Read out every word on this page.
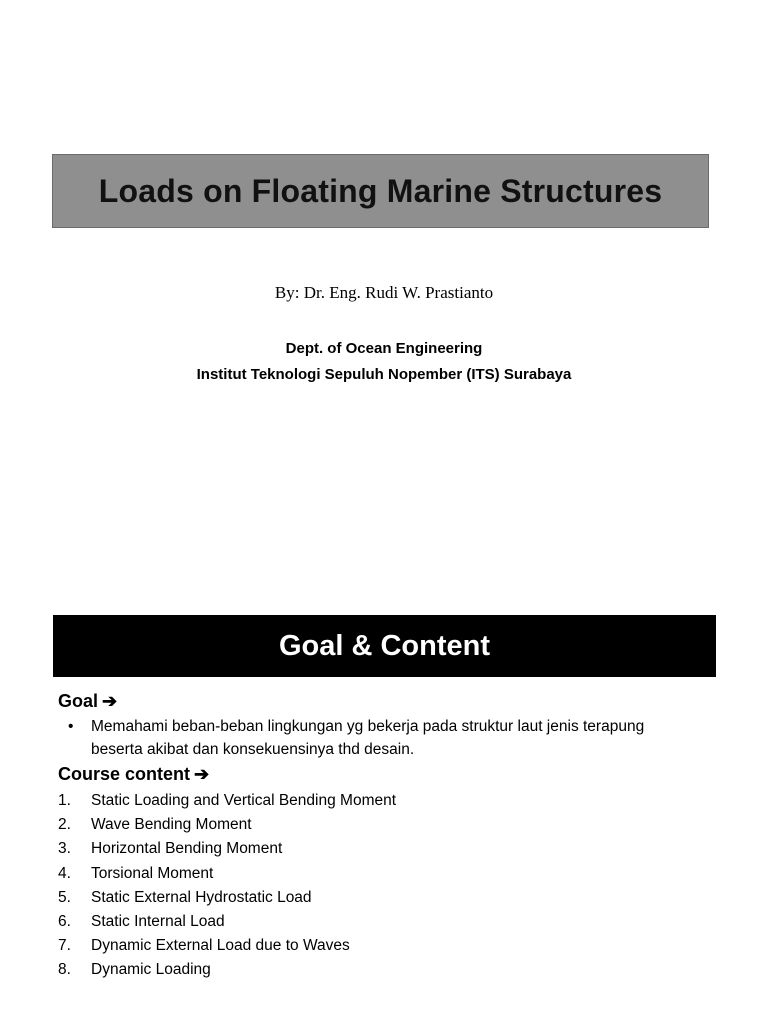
Loads on Floating Marine Structures
By: Dr. Eng. Rudi W. Prastianto
Dept. of Ocean Engineering
Institut Teknologi Sepuluh Nopember (ITS) Surabaya
Goal & Content
Goal ➔
• Memahami beban-beban lingkungan yg bekerja pada struktur laut jenis terapung beserta akibat dan konsekuensinya thd desain.
Course content ➔
1.	Static Loading and Vertical Bending Moment
2.	Wave Bending Moment
3.	Horizontal Bending Moment
4.	Torsional Moment
5.	Static External Hydrostatic Load
6.	Static Internal Load
7.	Dynamic External Load due to Waves
8.	Dynamic Loading
